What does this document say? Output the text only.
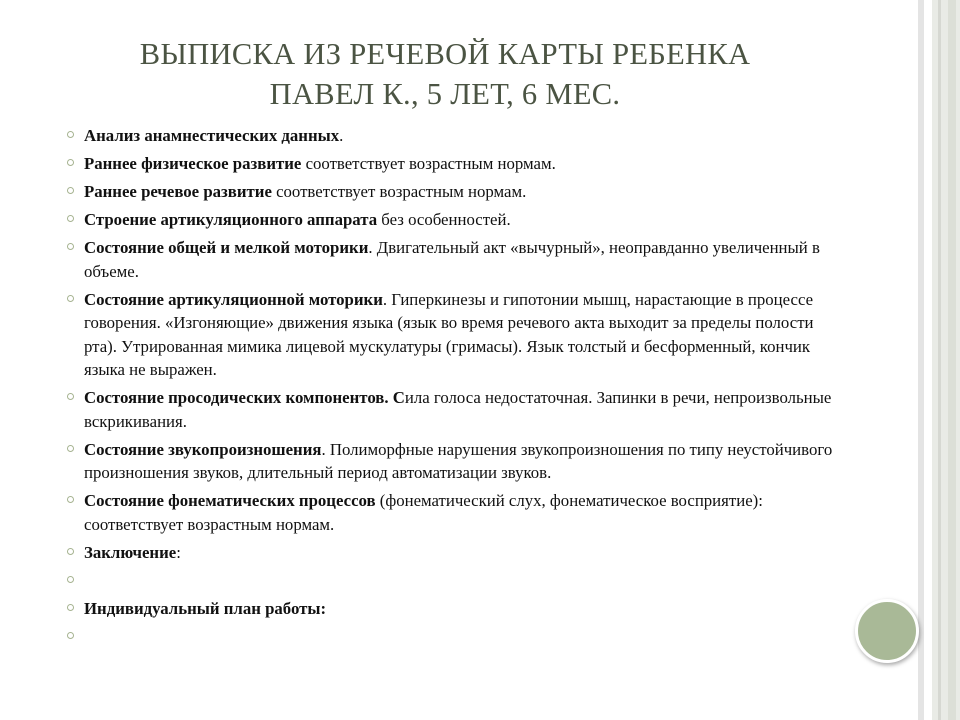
ВЫПИСКА ИЗ РЕЧЕВОЙ КАРТЫ РЕБЕНКА
ПАВЕЛ К., 5 ЛЕТ, 6 МЕС.
Анализ анамнестических данных.
Раннее физическое развитие соответствует возрастным нормам.
Раннее речевое развитие соответствует возрастным нормам.
Строение артикуляционного аппарата без особенностей.
Состояние общей и мелкой моторики. Двигательный акт «вычурный», неоправданно увеличенный в объеме.
Состояние артикуляционной моторики. Гиперкинезы и гипотонии мышц, нарастающие в процессе говорения. «Изгоняющие» движения языка (язык во время речевого акта выходит за пределы полости рта). Утрированная мимика лицевой мускулатуры (гримасы). Язык толстый и бесформенный, кончик языка не выражен.
Состояние просодических компонентов. Сила голоса недостаточная. Запинки в речи, непроизвольные вскрикивания.
Состояние звукопроизношения. Полиморфные нарушения звукопроизношения по типу неустойчивого произношения звуков, длительный период автоматизации звуков.
Состояние фонематических процессов (фонематический слух, фонематическое восприятие): соответствует возрастным нормам.
Заключение:
Индивидуальный план работы:
